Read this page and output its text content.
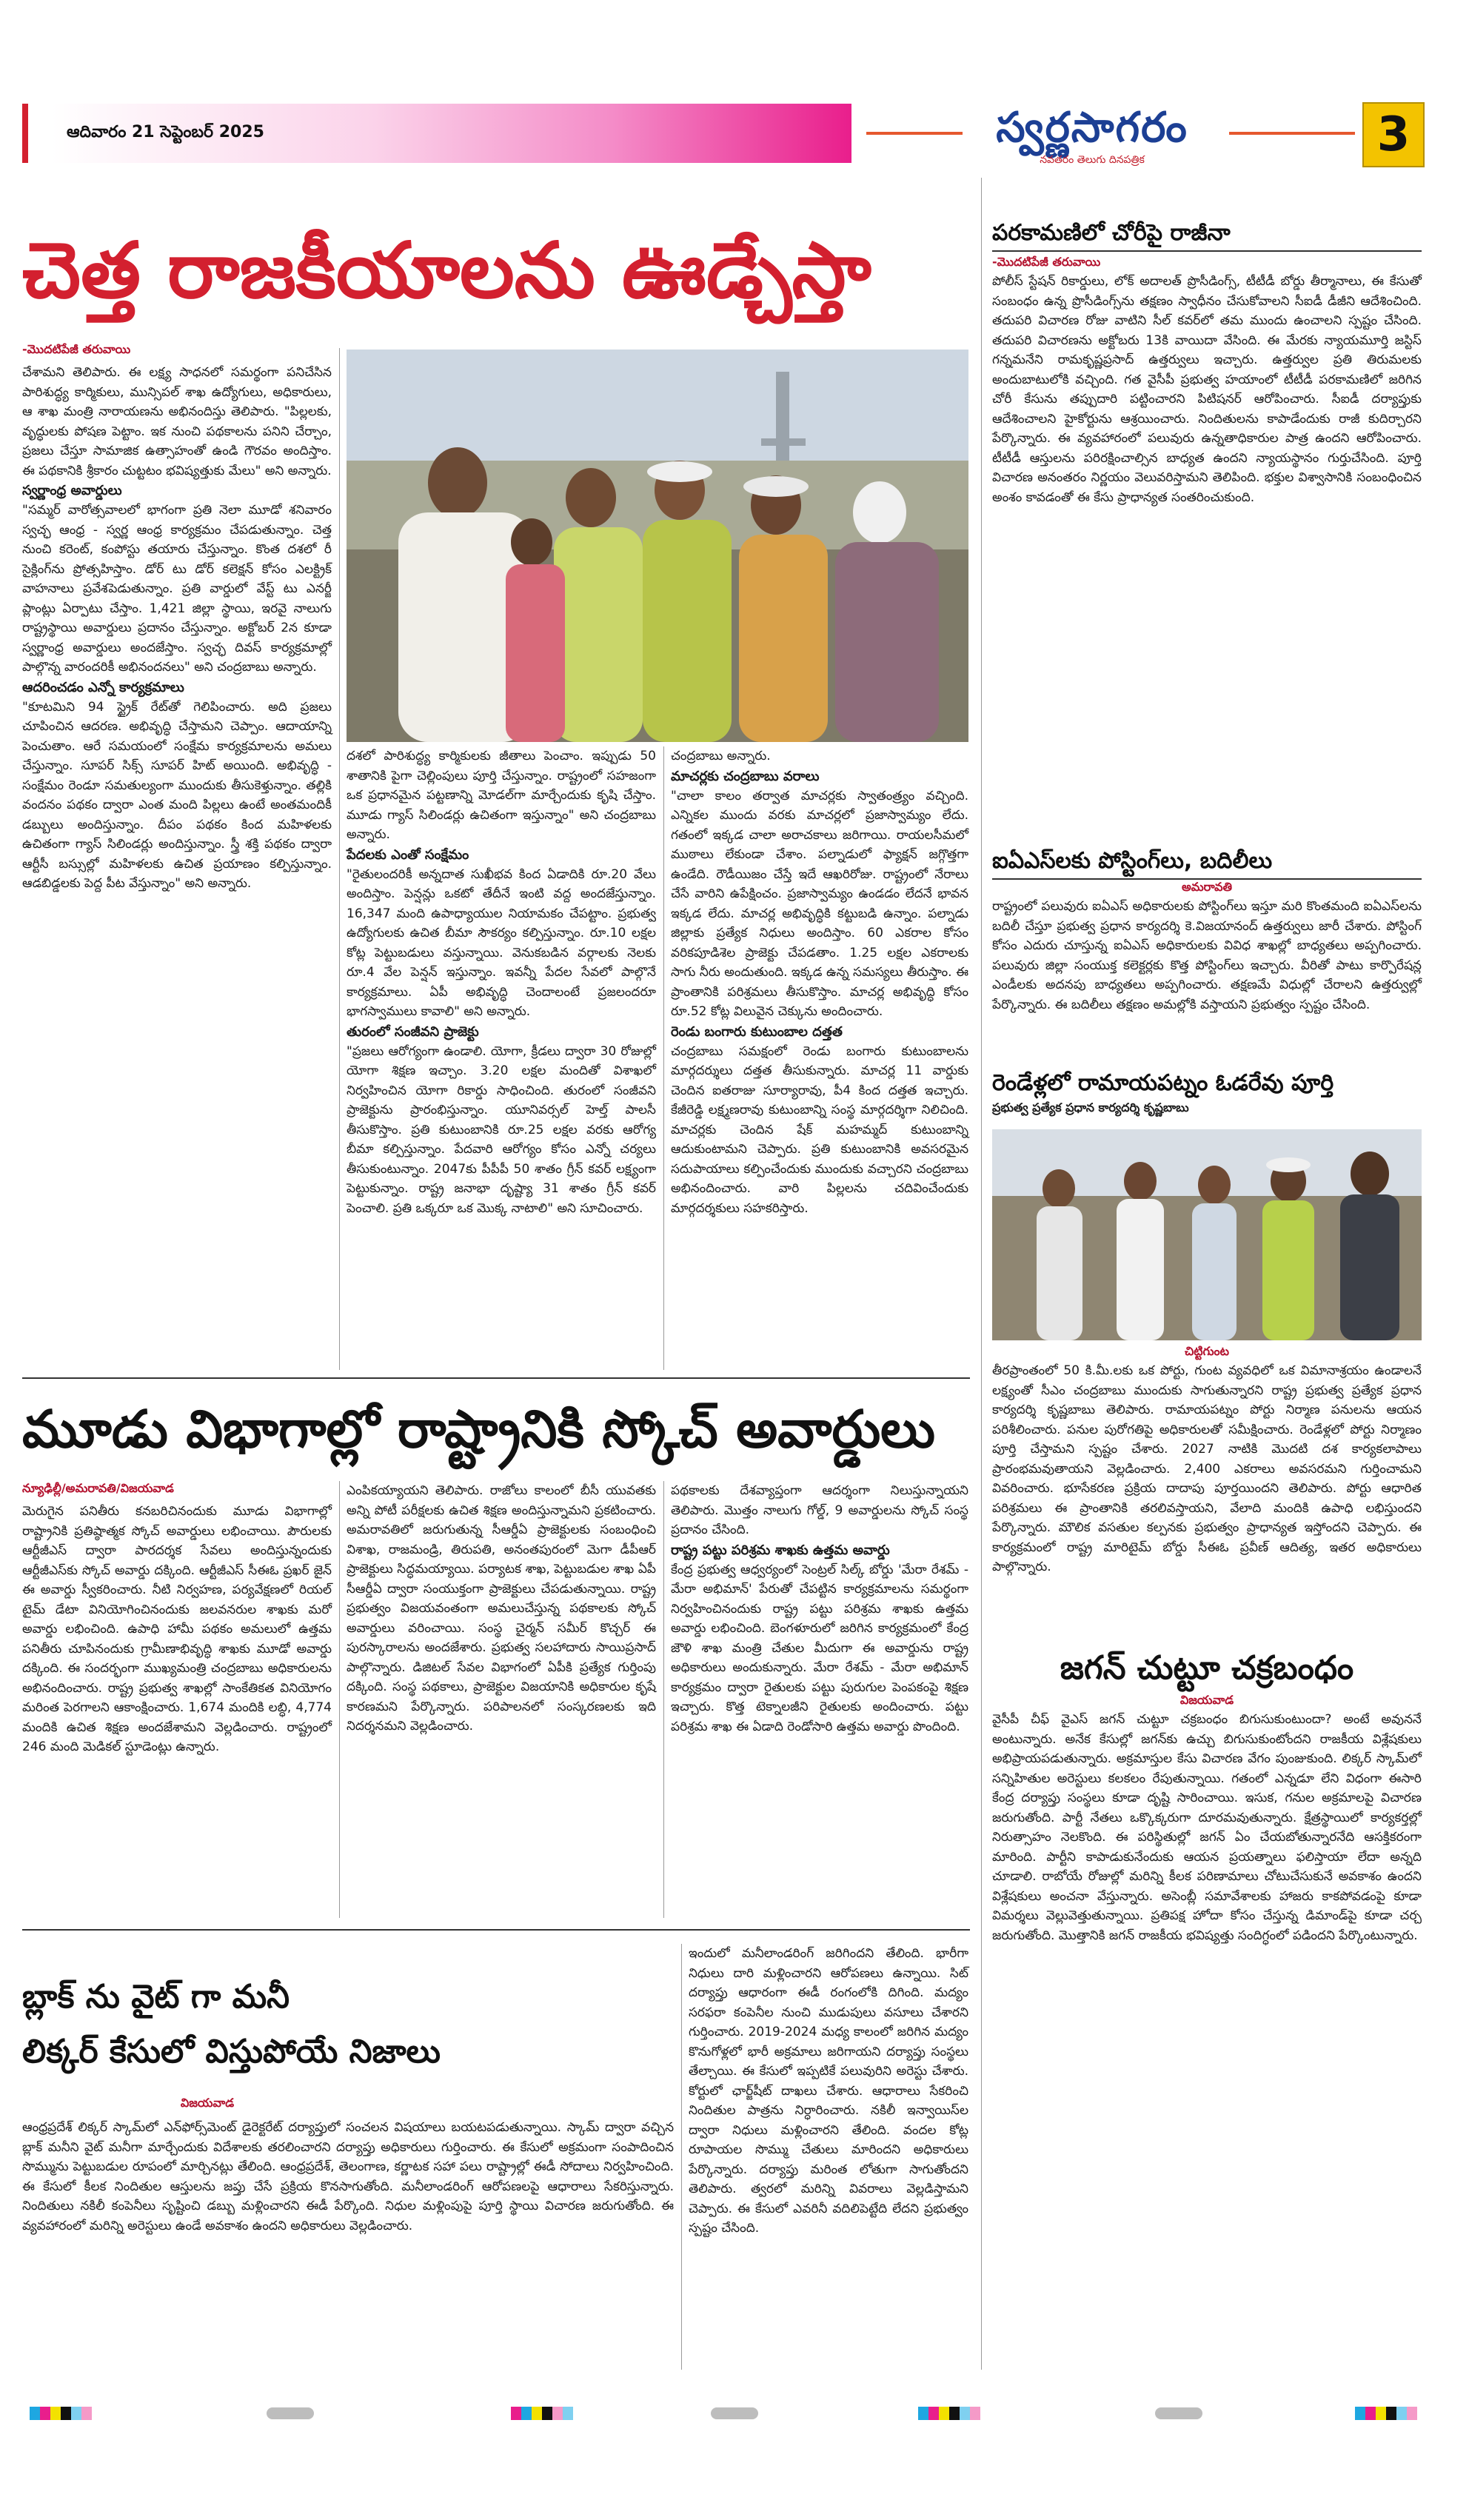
ఆదివారం 21 సెప్టెంబర్ 2025	స్వర్ణసాగరం
నవతరం తెలుగు దినపత్రిక	3
చెత్త రాజకీయాలను ఊడ్చేస్తా
-మొదటిపేజీ తరువాయి

చేశామని తెలిపారు. ఈ లక్ష్య సాధనలో సమర్థంగా పనిచేసిన పారిశుద్ధ్య కార్మికులు, మున్సిపల్ శాఖ ఉద్యోగులు, అధికారులు, ఆ శాఖ మంత్రి నారాయణను అభినందిస్తు తెలిపారు. "పిల్లలకు, వృద్ధులకు పోషణ పెట్టాం. ఇక నుంచి పథకాలను పనిని చేర్చాం, ప్రజలు చేస్తూ సామాజిక ఉత్సాహంతో ఉండి గౌరవం అందిస్తాం. ఈ పథకానికి శ్రీకారం చుట్టటం భవిష్యత్తుకు మేలు" అని అన్నారు.

స్వర్ణాంధ్ర అవార్డులు

"సమ్మర్ వారోత్సవాలలో భాగంగా ప్రతి నెలా మూడో శనివారం స్వచ్ఛ ఆంధ్ర - స్వర్ణ ఆంధ్ర కార్యక్రమం చేపడుతున్నాం. చెత్త నుంచి కరెంట్, కంపోస్టు తయారు చేస్తున్నాం. కొంత దశలో రీ సైక్లింగ్‌ను ప్రోత్సహిస్తాం. డోర్ టు డోర్ కలెక్షన్ కోసం ఎలక్ట్రిక్ వాహనాలు ప్రవేశపెడుతున్నాం. ప్రతి వార్డులో వేస్ట్ టు ఎనర్జీ ప్లాంట్లు ఏర్పాటు చేస్తాం. 1,421 జిల్లా స్థాయి, ఇరవై నాలుగు రాష్ట్రస్థాయి అవార్డులు ప్రదానం చేస్తున్నాం. అక్టోబర్ 2న కూడా స్వర్ణాంధ్ర అవార్డులు అందజేస్తాం. స్వచ్ఛ దివస్ కార్యక్రమాల్లో పాల్గొన్న వారందరికీ అభినందనలు" అని చంద్రబాబు అన్నారు.

ఆదరించడం ఎన్నో కార్యక్రమాలు

"కూటమిని 94 స్ట్రైక్ రేట్‌తో గెలిపించారు. అది ప్రజలు చూపించిన ఆదరణ. అభివృద్ధి చేస్తామని చెప్పాం. ఆదాయాన్ని పెంచుతాం. ఆరే సమయంలో సంక్షేమ కార్యక్రమాలను అమలు చేస్తున్నాం. సూపర్ సిక్స్ సూపర్ హిట్ అయింది. అభివృద్ధి - సంక్షేమం రెండూ సమతుల్యంగా ముందుకు తీసుకెళ్తున్నాం. తల్లికి వందనం పథకం ద్వారా ఎంత మంది పిల్లలు ఉంటే అంతమందికీ డబ్బులు అందిస్తున్నాం. దీపం పథకం కింద మహిళలకు ఉచితంగా గ్యాస్ సిలిండర్లు అందిస్తున్నాం. స్త్రీ శక్తి పథకం ద్వారా ఆర్టీసీ బస్సుల్లో మహిళలకు ఉచిత ప్రయాణం కల్పిస్తున్నాం. ఆడబిడ్డలకు పెద్ద పీట వేస్తున్నాం" అని అన్నారు.

దశలో పారిశుద్ధ్య కార్మికులకు జీతాలు పెంచాం. ఇప్పుడు 50 శాతానికి పైగా చెల్లింపులు పూర్తి చేస్తున్నాం. రాష్ట్రంలో సహజంగా ఒక ప్రధానమైన పట్టణాన్ని మోడల్‌గా మార్చేందుకు కృషి చేస్తాం. మూడు గ్యాస్ సిలిండర్లు ఉచితంగా ఇస్తున్నాం" అని చంద్రబాబు అన్నారు.

పేదలకు ఎంతో సంక్షేమం

"రైతులందరికీ అన్నదాత సుఖీభవ కింద ఏడాదికి రూ.20 వేలు అందిస్తాం. పెన్షన్లు ఒకటో తేదీనే ఇంటి వద్ద అందజేస్తున్నాం. 16,347 మంది ఉపాధ్యాయుల నియామకం చేపట్టాం. ప్రభుత్వ ఉద్యోగులకు ఉచిత బీమా సౌకర్యం కల్పిస్తున్నాం. రూ.10 లక్షల కోట్ల పెట్టుబడులు వస్తున్నాయి. వెనుకబడిన వర్గాలకు నెలకు రూ.4 వేల పెన్షన్ ఇస్తున్నాం. ఇవన్నీ పేదల సేవలో పాల్గొనే కార్యక్రమాలు. ఏపీ అభివృద్ధి చెందాలంటే ప్రజలందరూ భాగస్వాములు కావాలి" అని అన్నారు.

తురంలో సంజీవని ప్రాజెక్టు

"ప్రజలు ఆరోగ్యంగా ఉండాలి. యోగా, క్రీడలు ద్వారా 30 రోజుల్లో యోగా శిక్షణ ఇచ్చాం. 3.20 లక్షల మందితో విశాఖలో నిర్వహించిన యోగా రికార్డు సాధించింది. తురంలో సంజీవని ప్రాజెక్టును ప్రారంభిస్తున్నాం. యూనివర్సల్ హెల్త్ పాలసీ తీసుకొస్తాం. ప్రతి కుటుంబానికి రూ.25 లక్షల వరకు ఆరోగ్య బీమా కల్పిస్తున్నాం. పేదవారి ఆరోగ్యం కోసం ఎన్నో చర్యలు తీసుకుంటున్నాం. 2047కు పీపీపీ 50 శాతం గ్రీన్ కవర్ లక్ష్యంగా పెట్టుకున్నాం. రాష్ట్ర జనాభా దృష్ట్యా 31 శాతం గ్రీన్ కవర్ పెంచాలి. ప్రతి ఒక్కరూ ఒక మొక్క నాటాలి" అని సూచించారు.

చంద్రబాబు అన్నారు.

మాచర్లకు చంద్రబాబు వరాలు

"చాలా కాలం తర్వాత మాచర్లకు స్వాతంత్ర్యం వచ్చింది. ఎన్నికల ముందు వరకు మాచర్లలో ప్రజాస్వామ్యం లేదు. గతంలో ఇక్కడ చాలా అరాచకాలు జరిగాయి. రాయలసీమలో ముఠాలు లేకుండా చేశాం. పల్నాడులో ఫ్యాక్షన్ జగ్గొత్తగా ఉండేది. రౌడీయిజం చేస్తే ఇదే ఆఖరిరోజు. రాష్ట్రంలో నేరాలు చేసే వారిని ఉపేక్షించం. ప్రజాస్వామ్యం ఉండడం లేదనే భావన ఇక్కడ లేదు. మాచర్ల అభివృద్ధికి కట్టుబడి ఉన్నాం. పల్నాడు జిల్లాకు ప్రత్యేక నిధులు అందిస్తాం. 60 ఎకరాల కోసం వరికపూడిశెల ప్రాజెక్టు చేపడతాం. 1.25 లక్షల ఎకరాలకు సాగు నీరు అందుతుంది. ఇక్కడ ఉన్న సమస్యలు తీరుస్తాం. ఈ ప్రాంతానికి పరిశ్రమలు తీసుకొస్తాం. మాచర్ల అభివృద్ధి కోసం రూ.52 కోట్ల విలువైన చెక్కును అందించారు.

రెండు బంగారు కుటుంబాల దత్తత

చంద్రబాబు సమక్షంలో రెండు బంగారు కుటుంబాలను మార్గదర్శులు దత్తత తీసుకున్నారు. మాచర్ల 11 వార్డుకు చెందిన ఐతరాజు సూర్యారావు, పీ4 కింద దత్తత ఇచ్చారు. కేజీరెడ్డి లక్ష్మణరావు కుటుంబాన్ని సంస్థ మార్గదర్శిగా నిలిచింది. మాచర్లకు చెందిన షేక్ మహమ్మద్ కుటుంబాన్ని ఆదుకుంటామని చెప్పారు. ప్రతి కుటుంబానికి అవసరమైన సదుపాయాలు కల్పించేందుకు ముందుకు వచ్చారని చంద్రబాబు అభినందించారు. వారి పిల్లలను చదివించేందుకు మార్గదర్శకులు సహకరిస్తారు.

మూడు విభాగాల్లో రాష్ట్రానికి స్కోచ్ అవార్డులు
న్యూఢిల్లీ/అమరావతి/విజయవాడ

మెరుగైన పనితీరు కనబరిచినందుకు మూడు విభాగాల్లో రాష్ట్రానికి ప్రతిష్ఠాత్మక స్కోచ్ అవార్డులు లభించాయి. పౌరులకు ఆర్టీజీఎస్ ద్వారా పారదర్శక సేవలు అందిస్తున్నందుకు ఆర్టీజీఎస్‌కు స్కోచ్ అవార్డు దక్కింది. ఆర్టీజీఎస్ సీఈఓ ప్రఖర్ జైన్ ఈ అవార్డు స్వీకరించారు. నీటి నిర్వహణ, పర్యవేక్షణలో రియల్ టైమ్ డేటా వినియోగించినందుకు జలవనరుల శాఖకు మరో అవార్డు లభించింది. ఉపాధి హామీ పథకం అమలులో ఉత్తమ పనితీరు చూపినందుకు గ్రామీణాభివృద్ధి శాఖకు మూడో అవార్డు దక్కింది. ఈ సందర్భంగా ముఖ్యమంత్రి చంద్రబాబు అధికారులను అభినందించారు. రాష్ట్ర ప్రభుత్వ శాఖల్లో సాంకేతికత వినియోగం మరింత పెరగాలని ఆకాంక్షించారు. 1,674 మందికి లబ్ధి, 4,774 మందికి ఉచిత శిక్షణ అందజేశామని వెల్లడించారు. రాష్ట్రంలో 246 మంది మెడికల్ స్టూడెంట్లు ఉన్నారు.

ఎంపికయ్యాయని తెలిపారు. రాజోలు కాలంలో బీసీ యువతకు అన్ని పోటీ పరీక్షలకు ఉచిత శిక్షణ అందిస్తున్నామని ప్రకటించారు. అమరావతిలో జరుగుతున్న సీఆర్డీఏ ప్రాజెక్టులకు సంబంధించి విశాఖ, రాజమండ్రి, తిరుపతి, అనంతపురంలో మెగా డీపీఆర్ ప్రాజెక్టులు సిద్ధమయ్యాయి. పర్యాటక శాఖ, పెట్టుబడుల శాఖ ఏపీ సీఆర్డీఏ ద్వారా సంయుక్తంగా ప్రాజెక్టులు చేపడుతున్నాయి. రాష్ట్ర ప్రభుత్వం విజయవంతంగా అమలుచేస్తున్న పథకాలకు స్కోచ్ అవార్డులు వరించాయి. సంస్థ చైర్మన్ సమీర్ కొచ్చర్ ఈ పురస్కారాలను అందజేశారు. ప్రభుత్వ సలహాదారు సాయిప్రసాద్ పాల్గొన్నారు. డిజిటల్ సేవల విభాగంలో ఏపీకి ప్రత్యేక గుర్తింపు దక్కింది. సంస్థ పథకాలు, ప్రాజెక్టుల విజయానికి అధికారుల కృషే కారణమని పేర్కొన్నారు. పరిపాలనలో సంస్కరణలకు ఇది నిదర్శనమని వెల్లడించారు.

పథకాలకు దేశవ్యాప్తంగా ఆదర్శంగా నిలుస్తున్నాయని తెలిపారు. మొత్తం నాలుగు గోల్డ్, 9 అవార్డులను స్కోచ్ సంస్థ ప్రదానం చేసింది.

రాష్ట్ర పట్టు పరిశ్రమ శాఖకు ఉత్తమ అవార్డు

కేంద్ర ప్రభుత్వ ఆధ్వర్యంలో సెంట్రల్ సిల్క్ బోర్డు 'మేరా రేశమ్ - మేరా అభిమాన్' పేరుతో చేపట్టిన కార్యక్రమాలను సమర్థంగా నిర్వహించినందుకు రాష్ట్ర పట్టు పరిశ్రమ శాఖకు ఉత్తమ అవార్డు లభించింది. బెంగళూరులో జరిగిన కార్యక్రమంలో కేంద్ర జౌళి శాఖ మంత్రి చేతుల మీదుగా ఈ అవార్డును రాష్ట్ర అధికారులు అందుకున్నారు. మేరా రేశమ్ - మేరా అభిమాన్ కార్యక్రమం ద్వారా రైతులకు పట్టు పురుగుల పెంపకంపై శిక్షణ ఇచ్చారు. కొత్త టెక్నాలజీని రైతులకు అందించారు. పట్టు పరిశ్రమ శాఖ ఈ ఏడాది రెండోసారి ఉత్తమ అవార్డు పొందింది.

బ్లాక్ ను వైట్ గా మనీ
లిక్కర్ కేసులో విస్తుపోయే నిజాలు
విజయవాడ

ఆంధ్రప్రదేశ్ లిక్కర్ స్కామ్‌లో ఎన్‌ఫోర్స్‌మెంట్ డైరెక్టరేట్ దర్యాప్తులో సంచలన విషయాలు బయటపడుతున్నాయి. స్కామ్ ద్వారా వచ్చిన బ్లాక్ మనీని వైట్ మనీగా మార్చేందుకు విదేశాలకు తరలించారని దర్యాప్తు అధికారులు గుర్తించారు. ఈ కేసులో అక్రమంగా సంపాదించిన సొమ్మును పెట్టుబడుల రూపంలో మార్చినట్లు తేలింది. ఆంధ్రప్రదేశ్, తెలంగాణ, కర్ణాటక సహా పలు రాష్ట్రాల్లో ఈడీ సోదాలు నిర్వహించింది. ఈ కేసులో కీలక నిందితుల ఆస్తులను జప్తు చేసే ప్రక్రియ కొనసాగుతోంది. మనీలాండరింగ్ ఆరోపణలపై ఆధారాలు సేకరిస్తున్నారు. నిందితులు నకిలీ కంపెనీలు సృష్టించి డబ్బు మళ్లించారని ఈడీ పేర్కొంది. నిధుల మళ్లింపుపై పూర్తి స్థాయి విచారణ జరుగుతోంది. ఈ వ్యవహారంలో మరిన్ని అరెస్టులు ఉండే అవకాశం ఉందని అధికారులు వెల్లడించారు.

ఇందులో మనీలాండరింగ్ జరిగిందని తేలింది. భారీగా నిధులు దారి మళ్లించారని ఆరోపణలు ఉన్నాయి. సిట్ దర్యాప్తు ఆధారంగా ఈడీ రంగంలోకి దిగింది. మద్యం సరఫరా కంపెనీల నుంచి ముడుపులు వసూలు చేశారని గుర్తించారు. 2019-2024 మధ్య కాలంలో జరిగిన మద్యం కొనుగోళ్లలో భారీ అక్రమాలు జరిగాయని దర్యాప్తు సంస్థలు తేల్చాయి. ఈ కేసులో ఇప్పటికే పలువురిని అరెస్టు చేశారు. కోర్టులో ఛార్జ్‌షీట్ దాఖలు చేశారు. ఆధారాలు సేకరించి నిందితుల పాత్రను నిర్ధారించారు. నకిలీ ఇన్వాయిస్‌ల ద్వారా నిధులు మళ్లించారని తేలింది. వందల కోట్ల రూపాయల సొమ్ము చేతులు మారిందని అధికారులు పేర్కొన్నారు. దర్యాప్తు మరింత లోతుగా సాగుతోందని తెలిపారు. త్వరలో మరిన్ని వివరాలు వెల్లడిస్తామని చెప్పారు. ఈ కేసులో ఎవరినీ వదిలిపెట్టేది లేదని ప్రభుత్వం స్పష్టం చేసింది.

పరకామణిలో చోరీపై రాజీనా
-మొదటిపేజీ తరువాయి

పోలీస్ స్టేషన్ రికార్డులు, లోక్ అదాలత్ ప్రొసీడింగ్స్, టీటీడీ బోర్డు తీర్మానాలు, ఈ కేసుతో సంబంధం ఉన్న ప్రొసీడింగ్స్‌ను తక్షణం స్వాధీనం చేసుకోవాలని సీఐడీ డీజీని ఆదేశించింది. తదుపరి విచారణ రోజు వాటిని సీల్ కవర్‌లో తమ ముందు ఉంచాలని స్పష్టం చేసింది. తదుపరి విచారణను అక్టోబరు 13కి వాయిదా వేసింది. ఈ మేరకు న్యాయమూర్తి జస్టిస్ గన్నమనేని రామకృష్ణప్రసాద్ ఉత్తర్వులు ఇచ్చారు. ఉత్తర్వుల ప్రతి తిరుమలకు అందుబాటులోకి వచ్చింది. గత వైసీపీ ప్రభుత్వ హయాంలో టీటీడీ పరకామణిలో జరిగిన చోరీ కేసును తప్పుదారి పట్టించారని పిటిషనర్ ఆరోపించారు. సీఐడీ దర్యాప్తుకు ఆదేశించాలని హైకోర్టును ఆశ్రయించారు. నిందితులను కాపాడేందుకు రాజీ కుదిర్చారని పేర్కొన్నారు. ఈ వ్యవహారంలో పలువురు ఉన్నతాధికారుల పాత్ర ఉందని ఆరోపించారు. టీటీడీ ఆస్తులను పరిరక్షించాల్సిన బాధ్యత ఉందని న్యాయస్థానం గుర్తుచేసింది. పూర్తి విచారణ అనంతరం నిర్ణయం వెలువరిస్తామని తెలిపింది. భక్తుల విశ్వాసానికి సంబంధించిన అంశం కావడంతో ఈ కేసు ప్రాధాన్యత సంతరించుకుంది.

ఐఏఎస్‌లకు పోస్టింగ్‌లు, బదిలీలు
అమరావతి

రాష్ట్రంలో పలువురు ఐఏఎస్ అధికారులకు పోస్టింగ్‌లు ఇస్తూ మరి కొంతమంది ఐఏఎస్‌లను బదిలీ చేస్తూ ప్రభుత్వ ప్రధాన కార్యదర్శి కె.విజయానంద్ ఉత్తర్వులు జారీ చేశారు. పోస్టింగ్ కోసం ఎదురు చూస్తున్న ఐఏఎస్ అధికారులకు వివిధ శాఖల్లో బాధ్యతలు అప్పగించారు. పలువురు జిల్లా సంయుక్త కలెక్టర్లకు కొత్త పోస్టింగ్‌లు ఇచ్చారు. వీరితో పాటు కార్పొరేషన్ల ఎండీలకు అదనపు బాధ్యతలు అప్పగించారు. తక్షణమే విధుల్లో చేరాలని ఉత్తర్వుల్లో పేర్కొన్నారు. ఈ బదిలీలు తక్షణం అమల్లోకి వస్తాయని ప్రభుత్వం స్పష్టం చేసింది.

రెండేళ్లలో రామాయపట్నం ఓడరేవు పూర్తి
ప్రభుత్వ ప్రత్యేక ప్రధాన కార్యదర్శి కృష్ణబాబు
చిట్టిగుంట

తీరప్రాంతంలో 50 కి.మీ.లకు ఒక పోర్టు, గుంట వ్యవధిలో ఒక విమానాశ్రయం ఉండాలనే లక్ష్యంతో సీఎం చంద్రబాబు ముందుకు సాగుతున్నారని రాష్ట్ర ప్రభుత్వ ప్రత్యేక ప్రధాన కార్యదర్శి కృష్ణబాబు తెలిపారు. రామాయపట్నం పోర్టు నిర్మాణ పనులను ఆయన పరిశీలించారు. పనుల పురోగతిపై అధికారులతో సమీక్షించారు. రెండేళ్లలో పోర్టు నిర్మాణం పూర్తి చేస్తామని స్పష్టం చేశారు. 2027 నాటికి మొదటి దశ కార్యకలాపాలు ప్రారంభమవుతాయని వెల్లడించారు. 2,400 ఎకరాలు అవసరమని గుర్తించామని వివరించారు. భూసేకరణ ప్రక్రియ దాదాపు పూర్తయిందని తెలిపారు. పోర్టు ఆధారిత పరిశ్రమలు ఈ ప్రాంతానికి తరలివస్తాయని, వేలాది మందికి ఉపాధి లభిస్తుందని పేర్కొన్నారు. మౌలిక వసతుల కల్పనకు ప్రభుత్వం ప్రాధాన్యత ఇస్తోందని చెప్పారు. ఈ కార్యక్రమంలో రాష్ట్ర మారిటైమ్ బోర్డు సీఈఓ ప్రవీణ్ ఆదిత్య, ఇతర అధికారులు పాల్గొన్నారు.

జగన్ చుట్టూ చక్రబంధం
విజయవాడ

వైసీపీ చీఫ్ వైఎస్ జగన్ చుట్టూ చక్రబంధం బిగుసుకుంటుందా? అంటే అవుననే అంటున్నారు. అనేక కేసుల్లో జగన్‌కు ఉచ్చు బిగుసుకుంటోందని రాజకీయ విశ్లేషకులు అభిప్రాయపడుతున్నారు. అక్రమాస్తుల కేసు విచారణ వేగం పుంజుకుంది. లిక్కర్ స్కామ్‌లో సన్నిహితుల అరెస్టులు కలకలం రేపుతున్నాయి. గతంలో ఎన్నడూ లేని విధంగా ఈసారి కేంద్ర దర్యాప్తు సంస్థలు కూడా దృష్టి సారించాయి. ఇసుక, గనుల అక్రమాలపై విచారణ జరుగుతోంది. పార్టీ నేతలు ఒక్కొక్కరుగా దూరమవుతున్నారు. క్షేత్రస్థాయిలో కార్యకర్తల్లో నిరుత్సాహం నెలకొంది. ఈ పరిస్థితుల్లో జగన్ ఏం చేయబోతున్నారనేది ఆసక్తికరంగా మారింది. పార్టీని కాపాడుకునేందుకు ఆయన ప్రయత్నాలు ఫలిస్తాయా లేదా అన్నది చూడాలి. రాబోయే రోజుల్లో మరిన్ని కీలక పరిణామాలు చోటుచేసుకునే అవకాశం ఉందని విశ్లేషకులు అంచనా వేస్తున్నారు. అసెంబ్లీ సమావేశాలకు హాజరు కాకపోవడంపై కూడా విమర్శలు వెల్లువెత్తుతున్నాయి. ప్రతిపక్ష హోదా కోసం చేస్తున్న డిమాండ్‌పై కూడా చర్చ జరుగుతోంది. మొత్తానికి జగన్ రాజకీయ భవిష్యత్తు సందిగ్ధంలో పడిందని పేర్కొంటున్నారు.
